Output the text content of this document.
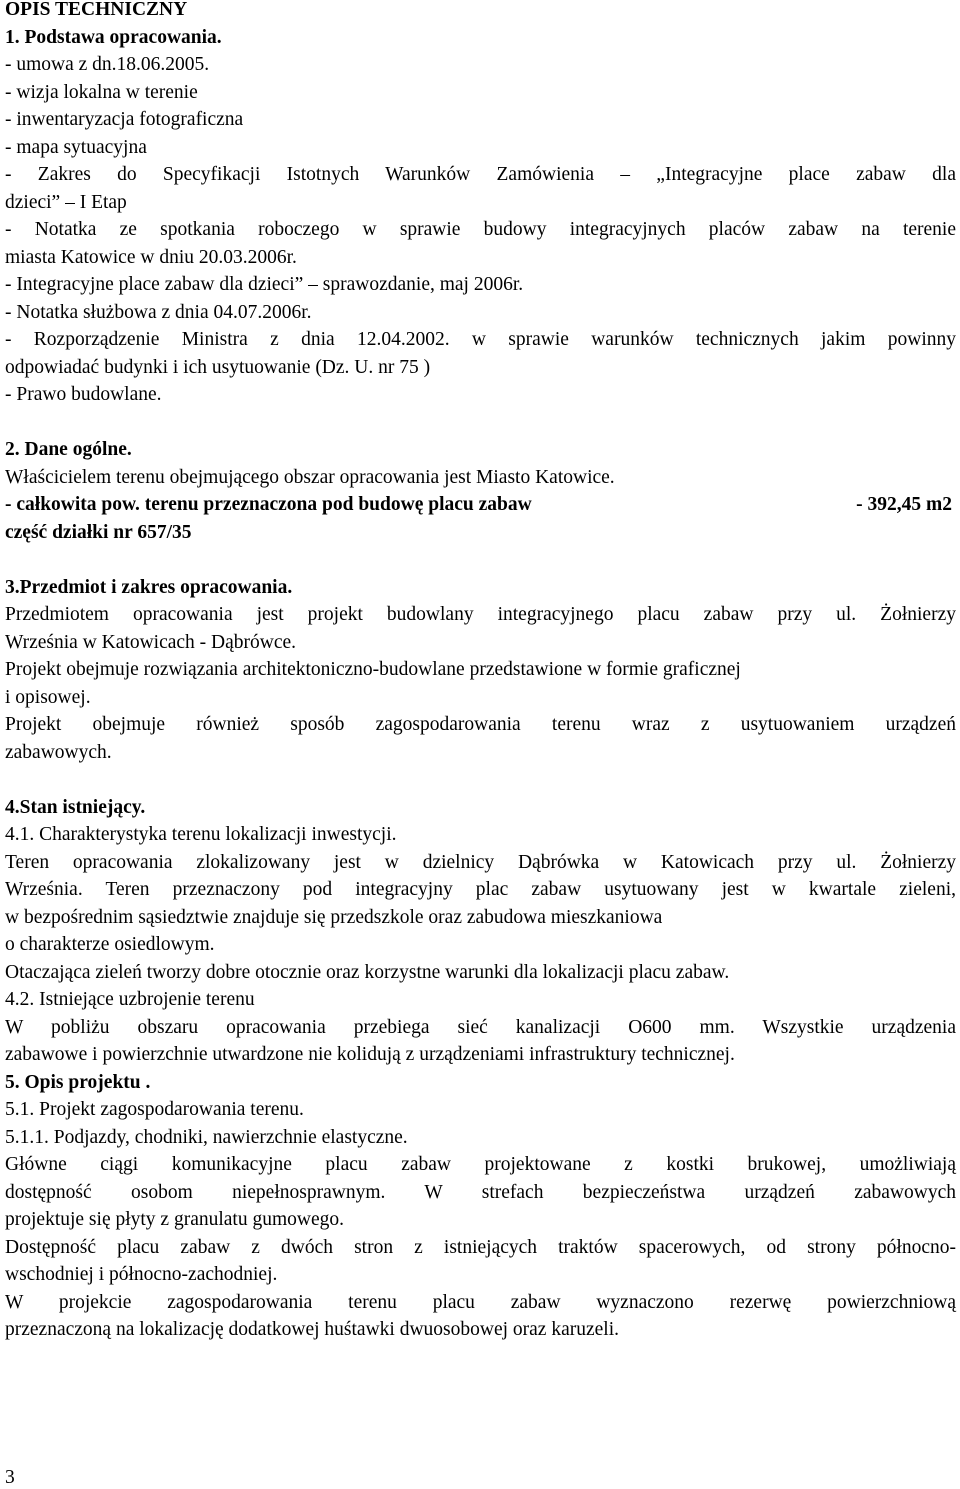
OPIS TECHNICZNY
1. Podstawa opracowania.
- umowa z dn.18.06.2005.
- wizja lokalna w terenie
- inwentaryzacja fotograficzna
- mapa sytuacyjna
- Zakres do Specyfikacji Istotnych Warunków Zamówienia – „Integracyjne place zabaw dla
dzieci” – I Etap
- Notatka ze spotkania roboczego w sprawie budowy integracyjnych placów zabaw na terenie
miasta Katowice w dniu 20.03.2006r.
- Integracyjne place zabaw dla dzieci” – sprawozdanie, maj 2006r.
- Notatka służbowa z dnia 04.07.2006r.
- Rozporządzenie Ministra z dnia 12.04.2002. w sprawie warunków technicznych jakim powinny
odpowiadać budynki i ich usytuowanie (Dz. U. nr 75 )
- Prawo budowlane.
2. Dane ogólne.
Właścicielem terenu obejmującego obszar opracowania jest Miasto Katowice.
- całkowita pow. terenu przeznaczona pod budowę placu zabaw	- 392,45 m2
część działki nr 657/35
3.Przedmiot i zakres opracowania.
Przedmiotem opracowania jest projekt budowlany integracyjnego placu zabaw przy ul. Żołnierzy
Września w Katowicach - Dąbrówce.
Projekt obejmuje rozwiązania architektoniczno-budowlane przedstawione w formie graficznej
i opisowej.
Projekt obejmuje również sposób zagospodarowania terenu wraz z usytuowaniem urządzeń
zabawowych.
4.Stan istniejący.
4.1. Charakterystyka terenu lokalizacji inwestycji.
Teren opracowania zlokalizowany jest w dzielnicy Dąbrówka w Katowicach przy ul. Żołnierzy
Września. Teren przeznaczony pod integracyjny plac zabaw usytuowany jest w kwartale zieleni,
w bezpośrednim sąsiedztwie znajduje się przedszkole oraz zabudowa mieszkaniowa
o charakterze osiedlowym.
Otaczająca zieleń tworzy dobre otocznie oraz korzystne warunki dla lokalizacji placu zabaw.
4.2. Istniejące uzbrojenie terenu
W pobliżu obszaru opracowania przebiega sieć kanalizacji O600 mm. Wszystkie urządzenia
zabawowe i powierzchnie utwardzone nie kolidują z urządzeniami infrastruktury technicznej.
5. Opis projektu .
5.1. Projekt zagospodarowania terenu.
5.1.1. Podjazdy, chodniki, nawierzchnie elastyczne.
Główne ciągi komunikacyjne placu zabaw projektowane z kostki brukowej, umożliwiają
dostępność osobom niepełnosprawnym. W strefach bezpieczeństwa urządzeń zabawowych
projektuje się płyty z granulatu gumowego.
Dostępność placu zabaw z dwóch stron z istniejących traktów spacerowych, od strony północno-
wschodniej i północno-zachodniej.
W projekcie zagospodarowania terenu placu zabaw wyznaczono rezerwę powierzchniową
przeznaczoną na lokalizację dodatkowej huśtawki dwuosobowej oraz karuzeli.
3
